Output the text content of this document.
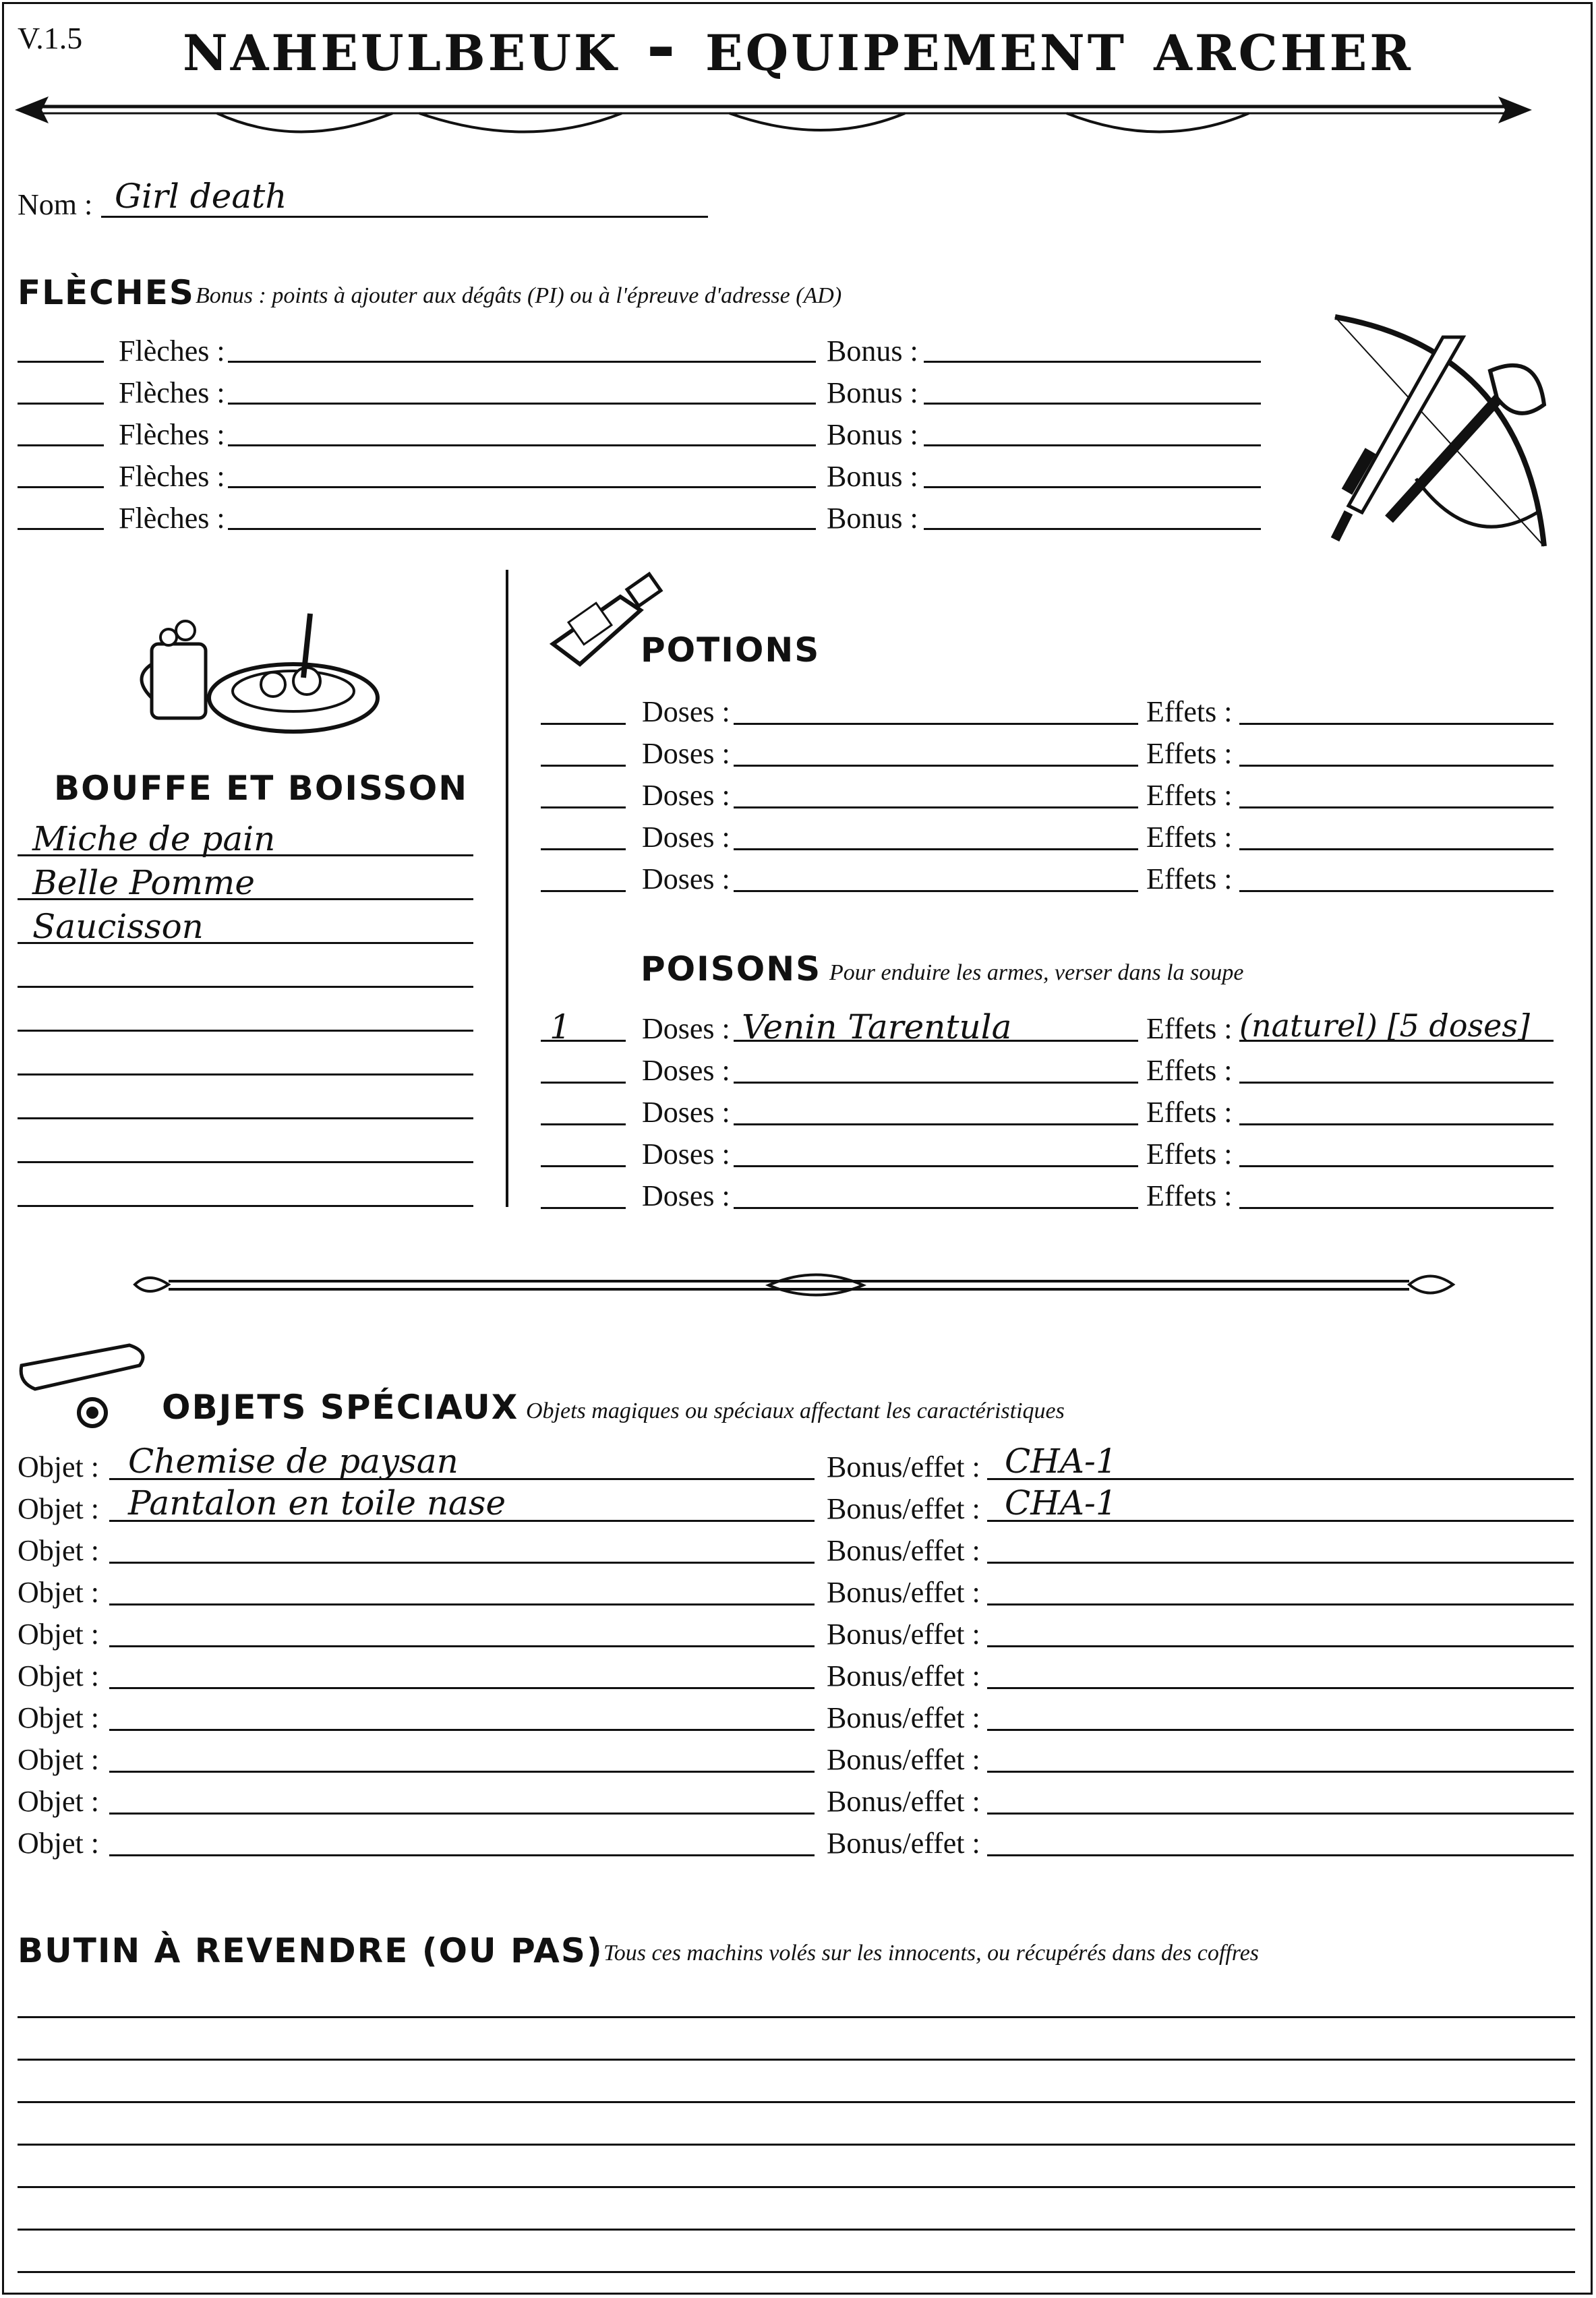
V.1.5	naheulbeuk - equipement archer
Nom : Girl death
FLÈCHES Bonus : points à ajouter aux dégâts (PI) ou à l'épreuve d'adresse (AD)
Flèches :	Bonus :
Flèches :	Bonus :
Flèches :	Bonus :
Flèches :	Bonus :
Flèches :	Bonus :
BOUFFE ET BOISSON
Miche de pain
Belle Pomme
Saucisson
POTIONS
Doses :	Effets :
Doses :	Effets :
Doses :	Effets :
Doses :	Effets :
Doses :	Effets :
POISONS Pour enduire les armes, verser dans la soupe
1 Doses : Venin Tarentula	Effets : (naturel) [5 doses]
Doses :	Effets :
Doses :	Effets :
Doses :	Effets :
Doses :	Effets :
OBJETS SPÉCIAUX Objets magiques ou spéciaux affectant les caractéristiques
Objet : Chemise de paysan	Bonus/effet : CHA-1
Objet : Pantalon en toile nase	Bonus/effet : CHA-1
Objet :	Bonus/effet :
Objet :	Bonus/effet :
Objet :	Bonus/effet :
Objet :	Bonus/effet :
Objet :	Bonus/effet :
Objet :	Bonus/effet :
Objet :	Bonus/effet :
Objet :	Bonus/effet :
BUTIN À REVENDRE (OU PAS) Tous ces machins volés sur les innocents, ou récupérés dans des coffres
